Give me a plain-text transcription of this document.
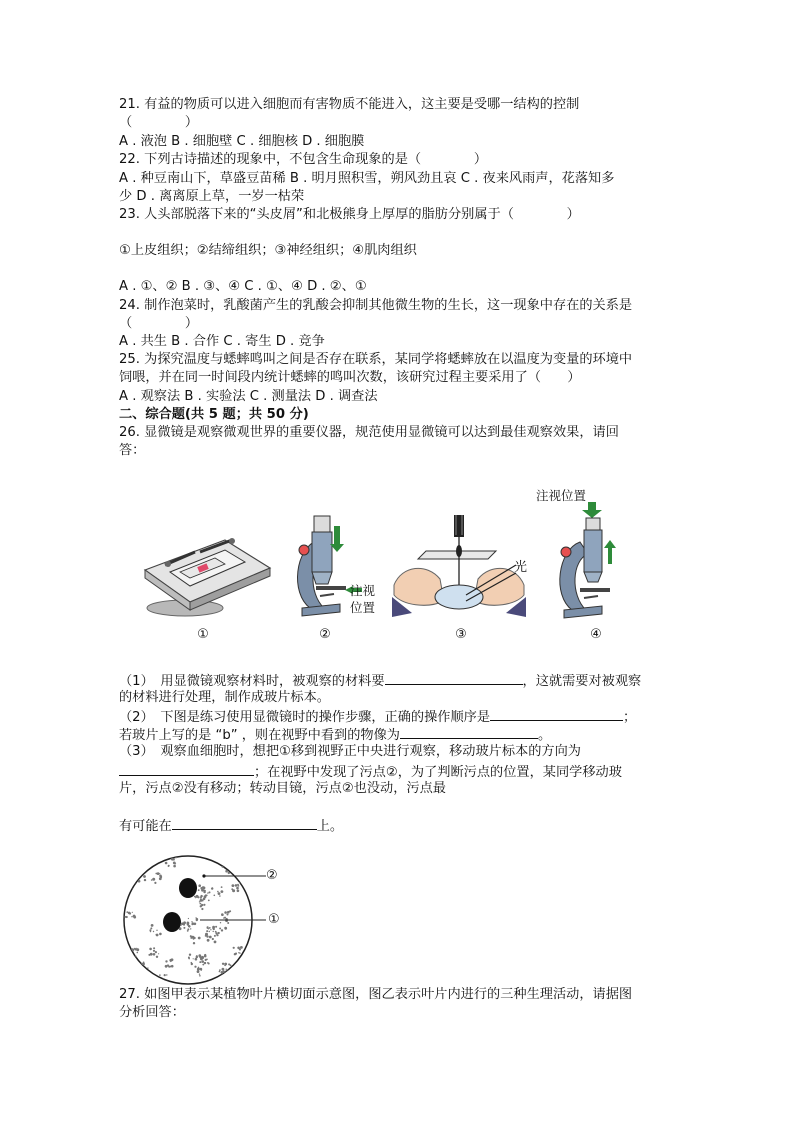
21. 有益的物质可以进入细胞而有害物质不能进入，这主要是受哪一结构的控制
（　　　　）
A . 液泡 B . 细胞壁 C . 细胞核 D . 细胞膜
22. 下列古诗描述的现象中，不包含生命现象的是（　　　　）
A . 种豆南山下，草盛豆苗稀 B . 明月照积雪，朔风劲且哀 C . 夜来风雨声，花落知多
少 D . 离离原上草，一岁一枯荣
23. 人头部脱落下来的“头皮屑”和北极熊身上厚厚的脂肪分别属于（　　　　）
①上皮组织；②结缔组织；③神经组织；④肌肉组织
A . ①、② B . ③、④ C . ①、④ D . ②、①
24. 制作泡菜时，乳酸菌产生的乳酸会抑制其他微生物的生长，这一现象中存在的关系是
（　　　　）
A . 共生 B . 合作 C . 寄生 D . 竞争
25. 为探究温度与蟋蟀鸣叫之间是否存在联系，某同学将蟋蟀放在以温度为变量的环境中
饲喂，并在同一时间段内统计蟋蟀的鸣叫次数，该研究过程主要采用了（　　）
A . 观察法 B . 实验法 C . 测量法 D . 调查法
二、综合题(共 5 题；共 50 分)
26. 显微镜是观察微观世界的重要仪器，规范使用显微镜可以达到最佳观察效果，请回
答：
①
注视
位置
②
光
③
注视位置
④
（1）　用显微镜观察材料时，被观察的材料要	，这就需要对被观察
的材料进行处理，制作成玻片标本。
（2）　下图是练习使用显微镜时的操作步骤，正确的操作顺序是	；
若玻片上写的是 “b” ，则在视野中看到的物像为	。
（3）　观察血细胞时，想把①移到视野正中央进行观察，移动玻片标本的方向为
；在视野中发现了污点②，为了判断污点的位置，某同学移动玻
片，污点②没有移动；转动目镜，污点②也没动，污点最
有可能在	上。
②
①
27. 如图甲表示某植物叶片横切面示意图，图乙表示叶片内进行的三种生理活动，请据图
分析回答：
